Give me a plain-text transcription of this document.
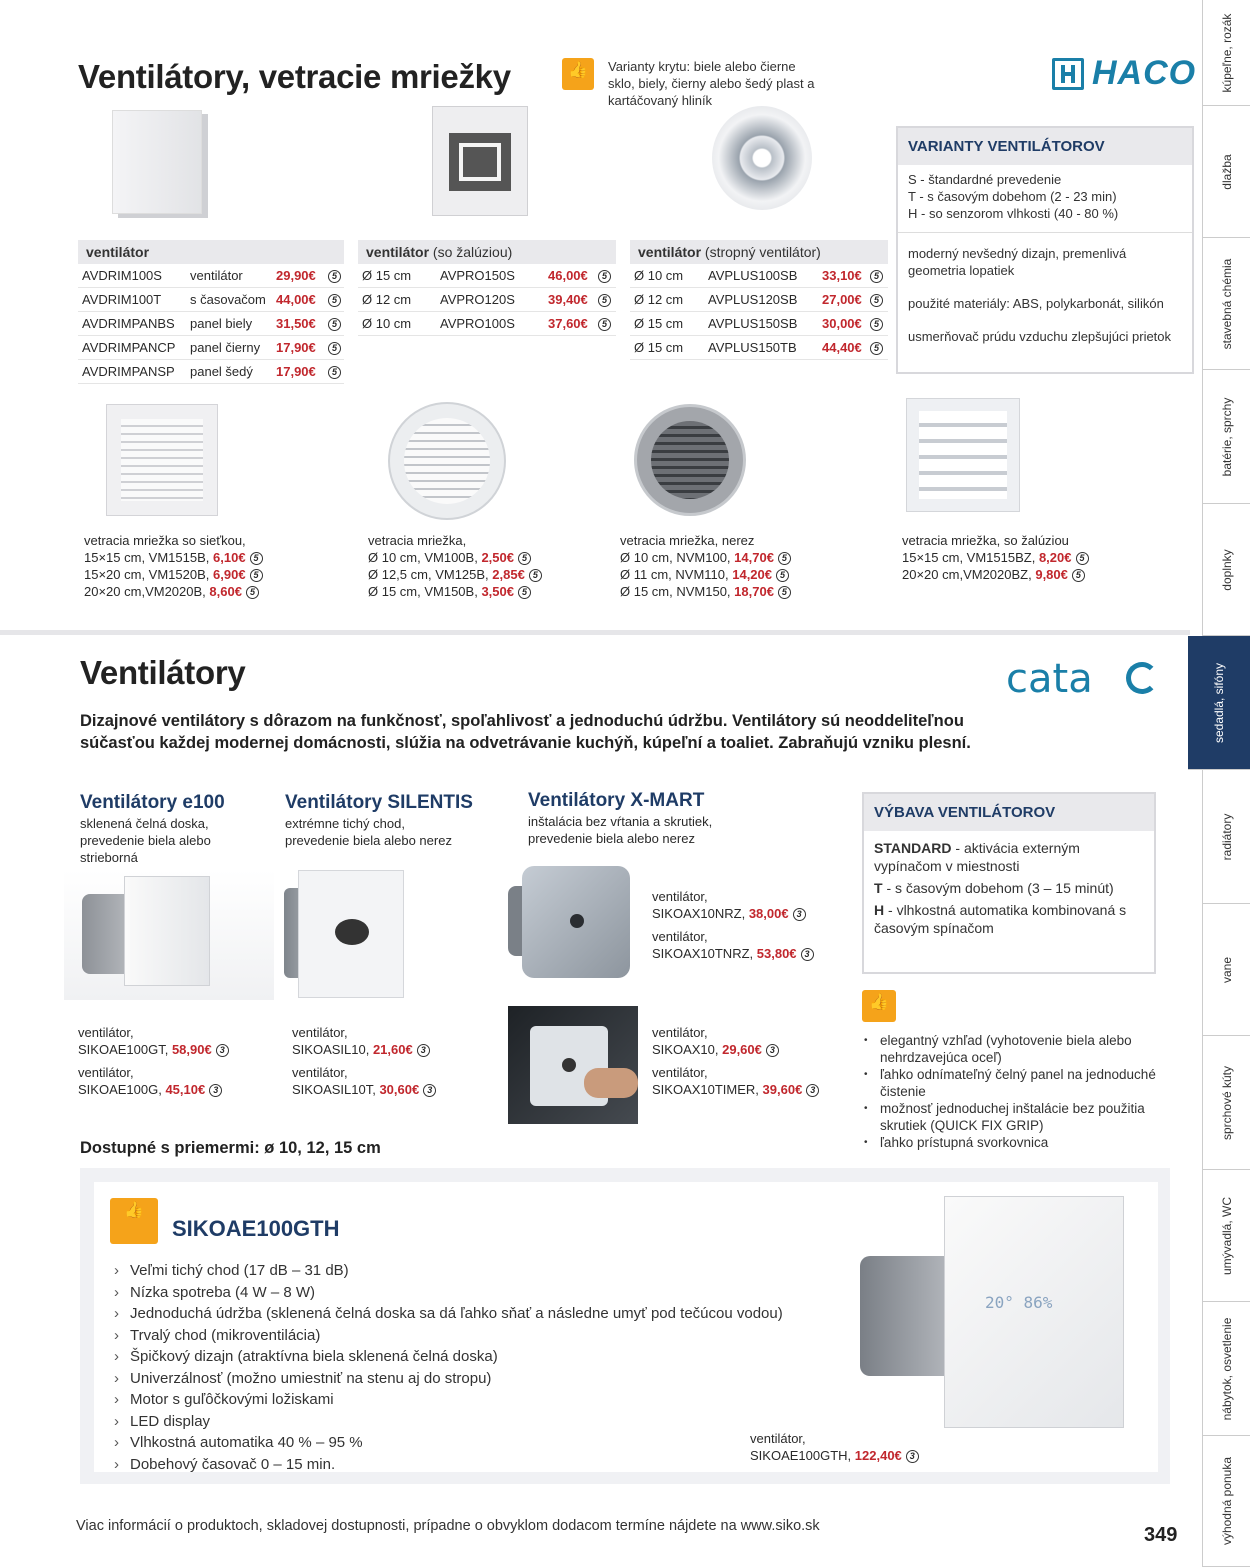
Ventilátory, vetracie mriežky 👍	Varianty krytu: biele alebo čierne sklo, biely, čierny alebo šedý plast a kartáčovaný hliník
HACO
ventilátor
AVDRIM100S ventilátor	29,90€	5
AVDRIM100T s časovačom 44,00€	5
AVDRIMPANBS panel biely 31,50€	5
AVDRIMPANCP panel čierny 17,90€	5
AVDRIMPANSP panel šedý 17,90€	5
ventilátor (so žalúziou)
Ø 15 cm AVPRO150S	46,00€	5
Ø 12 cm AVPRO120S	39,40€	5
Ø 10 cm AVPRO100S	37,60€	5
ventilátor (stropný ventilátor)
Ø 10 cm AVPLUS100SB 33,10€	5
Ø 12 cm AVPLUS120SB 27,00€	5
Ø 15 cm AVPLUS150SB 30,00€	5
Ø 15 cm AVPLUS150TB 44,40€	5
VARIANTY VENTILÁTOROV
S - štandardné prevedenie
T - s časovým dobehom (2 - 23 min)
H - so senzorom vlhkosti (40 - 80 %)
moderný nevšedný dizajn, premenlivá geometria lopatiek
použité materiály: ABS, polykarbonát, silikón
usmerňovač prúdu vzduchu zlepšujúci prietok
vetracia mriežka so sieťkou,
15×15 cm, VM1515B, 6,10€ 5
15×20 cm, VM1520B, 6,90€ 5
20×20 cm,VM2020B, 8,60€ 5
vetracia mriežka,
Ø 10 cm, VM100B, 2,50€ 5
Ø 12,5 cm, VM125B, 2,85€ 5
Ø 15 cm, VM150B, 3,50€ 5
vetracia mriežka, nerez
Ø 10 cm, NVM100, 14,70€ 5
Ø 11 cm, NVM110, 14,20€ 5
Ø 15 cm, NVM150, 18,70€ 5
vetracia mriežka, so žalúziou
15×15 cm, VM1515BZ, 8,20€ 5
20×20 cm,VM2020BZ, 9,80€ 5
Ventilátory	cata
Dizajnové ventilátory s dôrazom na funkčnosť, spoľahlivosť a jednoduchú údržbu. Ventilátory sú neoddeliteľnou súčasťou každej modernej domácnosti, slúžia na odvetrávanie kuchýň, kúpeľní a toaliet. Zabraňujú vzniku plesní.
Ventilátory e100
sklenená čelná doska,
prevedenie biela alebo
strieborná
ventilátor,
SIKOAE100GT, 58,90€ 3
ventilátor,
SIKOAE100G, 45,10€ 3
Ventilátory SILENTIS
extrémne tichý chod,
prevedenie biela alebo nerez
ventilátor,
SIKOASIL10, 21,60€ 3
ventilátor,
SIKOASIL10T, 30,60€ 3
Ventilátory X-MART
inštalácia bez vŕtania a skrutiek,
prevedenie biela alebo nerez
ventilátor,
SIKOAX10NRZ, 38,00€ 3
ventilátor,
SIKOAX10TNRZ, 53,80€ 3
ventilátor,
SIKOAX10, 29,60€ 3
ventilátor,
SIKOAX10TIMER, 39,60€ 3
VÝBAVA VENTILÁTOROV
STANDARD - aktivácia externým vypínačom v miestnosti
T - s časovým dobehom (3 – 15 minút)
H - vlhkostná automatika kombinovaná s časovým spínačom
👍
• elegantný vzhľad (vyhotovenie biela alebo nehrdzavejúca oceľ)
• ľahko odnímateľný čelný panel na jednoduché čistenie
• možnosť jednoduchej inštalácie bez použitia skrutiek (QUICK FIX GRIP)
• ľahko prístupná svorkovnica
Dostupné s priemermi: ø 10, 12, 15 cm
👍
SIKOAE100GTH
› Veľmi tichý chod (17 dB – 31 dB)
› Nízka spotreba (4 W – 8 W)
› Jednoduchá údržba (sklenená čelná doska sa dá ľahko sňať a následne umyť pod tečúcou vodou)
› Trvalý chod (mikroventilácia)
› Špičkový dizajn (atraktívna biela sklenená čelná doska)
› Univerzálnosť (možno umiestniť na stenu aj do stropu)
› Motor s guľôčkovými ložiskami
› LED display
› Vlhkostná automatika 40 % – 95 %
› Dobehový časovač 0 – 15 min.
20° 86%
ventilátor,
SIKOAE100GTH, 122,40€ 3
Viac informácií o produktoch, skladovej dostupnosti, prípadne o obvyklom dodacom termíne nájdete na www.siko.sk	349
kúpeľne, rozák
dlažba
stavebná chémia
batérie, sprchy
doplnky
sedadlá, sifóny
radiátory
vane
sprchové kúty
umývadlá, WC
nábytok, osvetlenie
výhodná ponuka
